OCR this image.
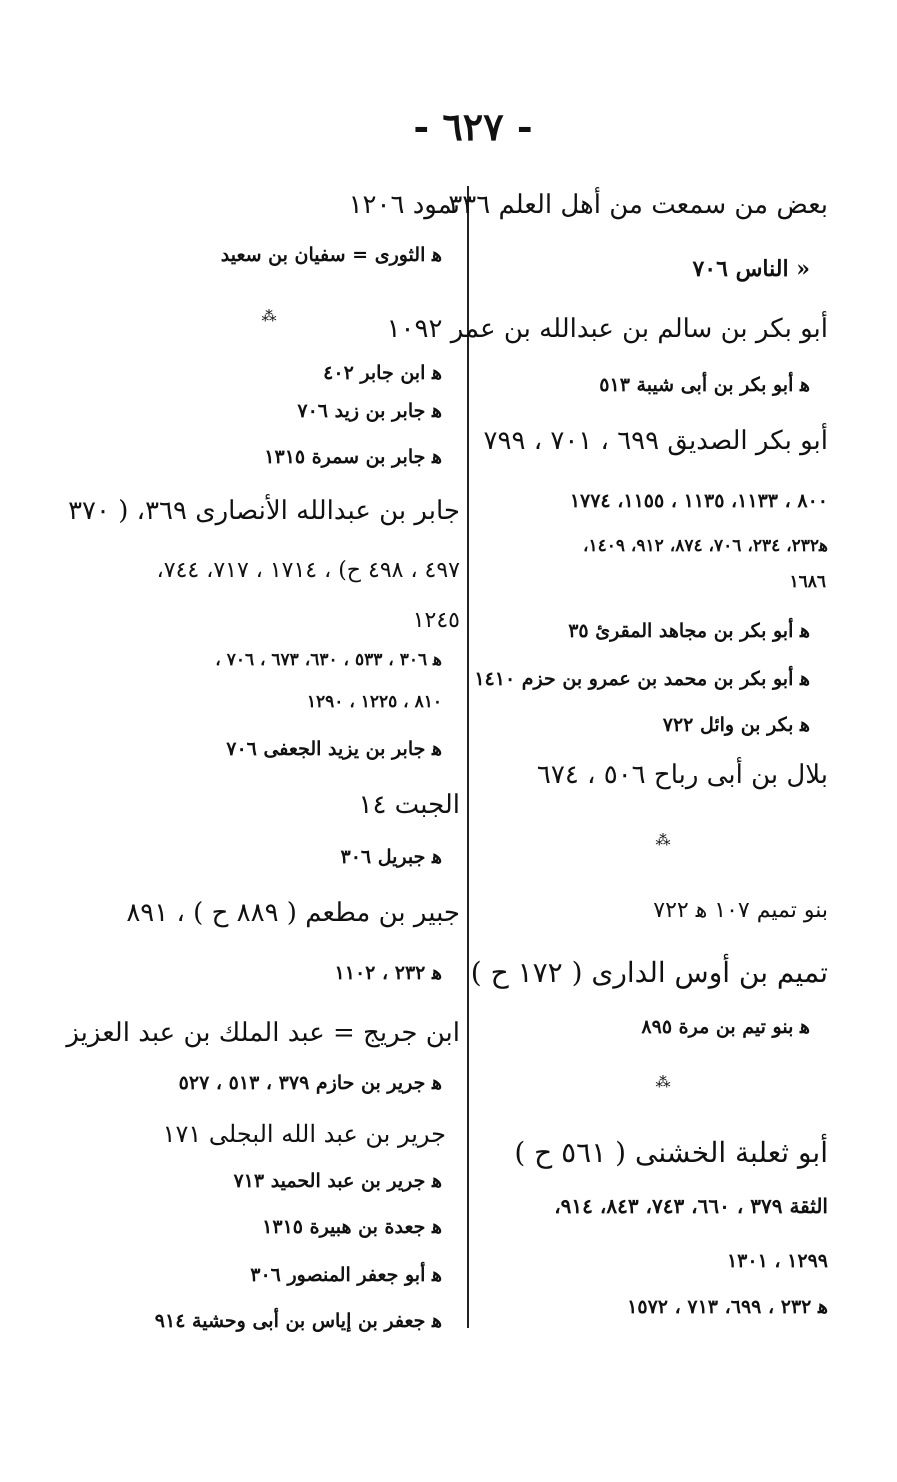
- ٦٢٧ -
بعض من سمعت من أهل العلم ٣٣٦
« الناس ٧٠٦
أبو بكر بن سالم بن عبدالله بن عمر ١٠٩٢
ﻫ أبو بكر بن أبى شيبة ٥١٣
أبو بكر الصديق ٦٩٩ ، ٧٠١ ، ٧٩٩
٨٠٠ ، ١١٣٣، ١١٣٥ ، ١١٥٥، ١٧٧٤
ﻫ٢٣٢، ٢٣٤، ٧٠٦، ٨٧٤، ٩١٢، ١٤٠٩،
١٦٨٦
ﻫ أبو بكر بن مجاهد المقرئ ٣٥
ﻫ أبو بكر بن محمد بن عمرو بن حزم ١٤١٠
ﻫ بكر بن وائل ٧٢٢
بلال بن أبى رباح ٥٠٦ ، ٦٧٤
⁂
بنو تميم ١٠٧ ﻫ ٧٢٢
تميم بن أوس الدارى ( ١٧٢ ح )
ﻫ بنو تيم بن مرة ٨٩٥
⁂
أبو ثعلبة الخشنى ( ٥٦١ ح )
الثقة ٣٧٩ ، ٦٦٠، ٧٤٣، ٨٤٣، ٩١٤،
١٢٩٩ ، ١٣٠١
ﻫ ٢٣٢ ، ٦٩٩، ٧١٣ ، ١٥٧٢
ثمود ١٢٠٦
ﻫ الثورى = سفيان بن سعيد
⁂
ﻫ ابن جابر ٤٠٢
ﻫ جابر بن زيد ٧٠٦
ﻫ جابر بن سمرة ١٣١٥
جابر بن عبدالله الأنصارى ٣٦٩، ( ٣٧٠
٤٩٧ ، ٤٩٨ ح) ، ١٧١٤ ، ٧١٧، ٧٤٤،
١٢٤٥
ﻫ ٣٠٦ ، ٥٣٣ ، ٦٣٠، ٦٧٣ ، ٧٠٦ ،
٨١٠ ، ١٢٢٥ ، ١٢٩٠
ﻫ جابر بن يزيد الجعفى ٧٠٦
الجبت ١٤
ﻫ جبريل ٣٠٦
جبير بن مطعم ( ٨٨٩ ح ) ، ٨٩١
ﻫ ٢٣٢ ، ١١٠٢
ابن جريج = عبد الملك بن عبد العزيز
ﻫ جرير بن حازم ٣٧٩ ، ٥١٣ ، ٥٢٧
جرير بن عبد الله البجلى ١٧١
ﻫ جرير بن عبد الحميد ٧١٣
ﻫ جعدة بن هبيرة ١٣١٥
ﻫ أبو جعفر المنصور ٣٠٦
ﻫ جعفر بن إياس بن أبى وحشية ٩١٤
